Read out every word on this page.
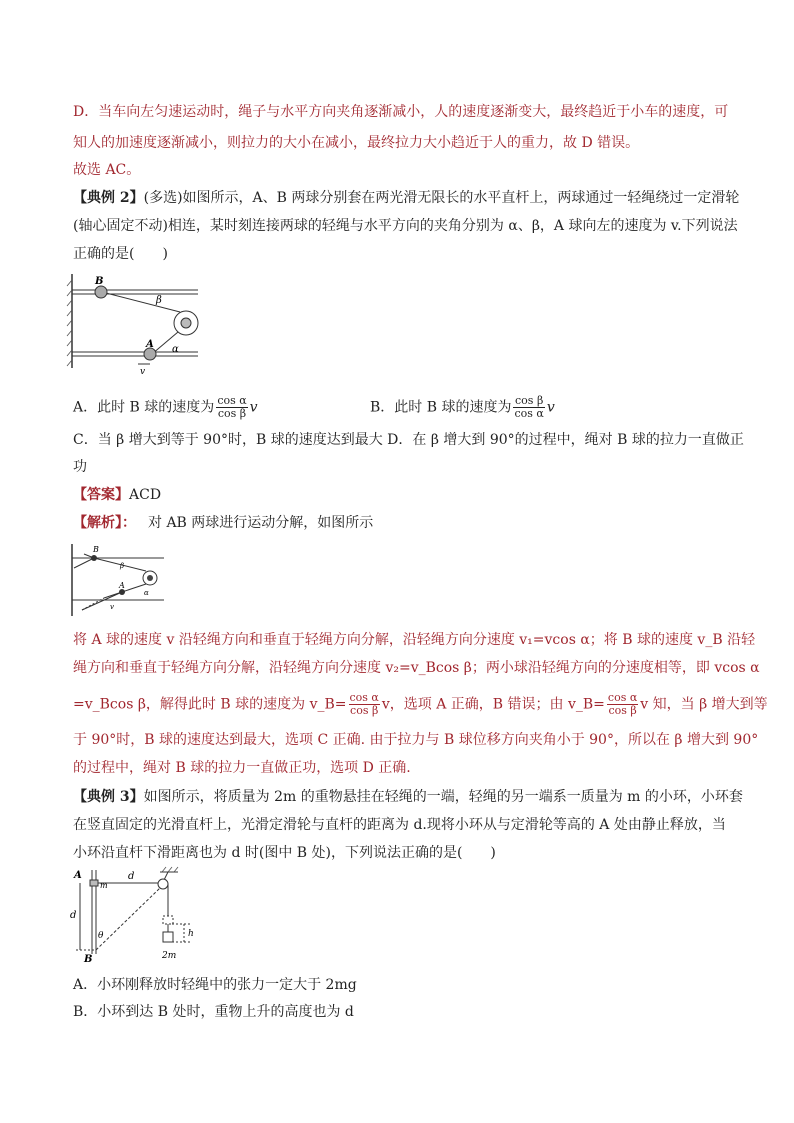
D．当车向左匀速运动时，绳子与水平方向夹角逐渐减小，人的速度逐渐变大，最终趋近于小车的速度，可
知人的加速度逐渐减小，则拉力的大小在减小，最终拉力大小趋近于人的重力，故 D 错误。
故选 AC。
【典例 2】(多选)如图所示，A、B 两球分别套在两光滑无限长的水平直杆上，两球通过一轻绳绕过一定滑轮
(轴心固定不动)相连，某时刻连接两球的轻绳与水平方向的夹角分别为 α、β，A 球向左的速度为 v.下列说法
正确的是(　　)
B
β
A α
v
A．此时 B 球的速度为 $\frac{\text{cos α}}{\text{cos β}}$ v	B．此时 B 球的速度为 $\frac{\text{cos β}}{\text{cos α}}$ v
C．当 β 增大到等于 90°时，B 球的速度达到最大 D．在 β 增大到 90°的过程中，绳对 B 球的拉力一直做正
功
【答案】ACD
【解析】： 对 AB 两球进行运动分解，如图所示
B
β
A
α
v
将 A 球的速度 v 沿轻绳方向和垂直于轻绳方向分解，沿轻绳方向分速度 v₁=vcos α；将 B 球的速度 v_B 沿轻
绳方向和垂直于轻绳方向分解，沿轻绳方向分速度 v₂=v_Bcos β；两小球沿轻绳方向的分速度相等，即 vcos α
=v_Bcos β，解得此时 B 球的速度为 v_B= $\frac{\text{cos α}}{\text{cos β}}$ v，选项 A 正确，B 错误；由 v_B= $\frac{\text{cos α}}{\text{cos β}}$ v 知，当 β 增大到等
于 90°时，B 球的速度达到最大，选项 C 正确. 由于拉力与 B 球位移方向夹角小于 90°，所以在 β 增大到 90°
的过程中，绳对 B 球的拉力一直做正功，选项 D 正确.
【典例 3】如图所示，将质量为 2m 的重物悬挂在轻绳的一端，轻绳的另一端系一质量为 m 的小环，小环套
在竖直固定的光滑直杆上，光滑定滑轮与直杆的距离为 d.现将小环从与定滑轮等高的 A 处由静止释放，当
小环沿直杆下滑距离也为 d 时(图中 B 处)，下列说法正确的是(　　)
A
m
d
d
θ
B
h
2m
A．小环刚释放时轻绳中的张力一定大于 2mg
B．小环到达 B 处时，重物上升的高度也为 d
